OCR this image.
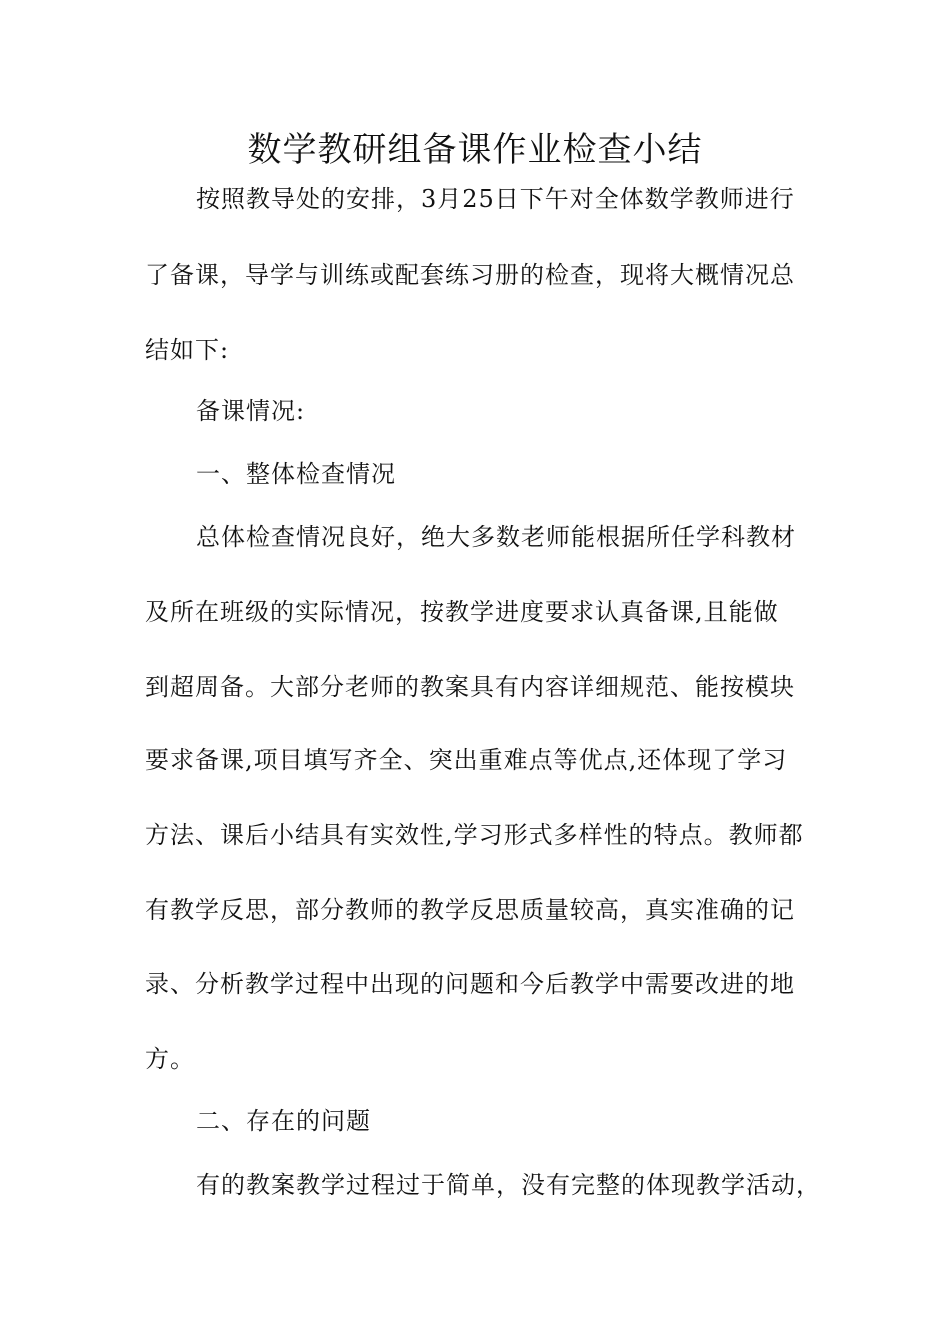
数学教研组备课作业检查小结
按照教导处的安排，3月25日下午对全体数学教师进行
了备课，导学与训练或配套练习册的检查，现将大概情况总
结如下:
备课情况:
一、整体检查情况
总体检查情况良好，绝大多数老师能根据所任学科教材
及所在班级的实际情况，按教学进度要求认真备课,且能做
到超周备。大部分老师的教案具有内容详细规范、能按模块
要求备课,项目填写齐全、突出重难点等优点,还体现了学习
方法、课后小结具有实效性,学习形式多样性的特点。教师都
有教学反思，部分教师的教学反思质量较高，真实准确的记
录、分析教学过程中出现的问题和今后教学中需要改进的地
方。
二、存在的问题
有的教案教学过程过于简单，没有完整的体现教学活动，
